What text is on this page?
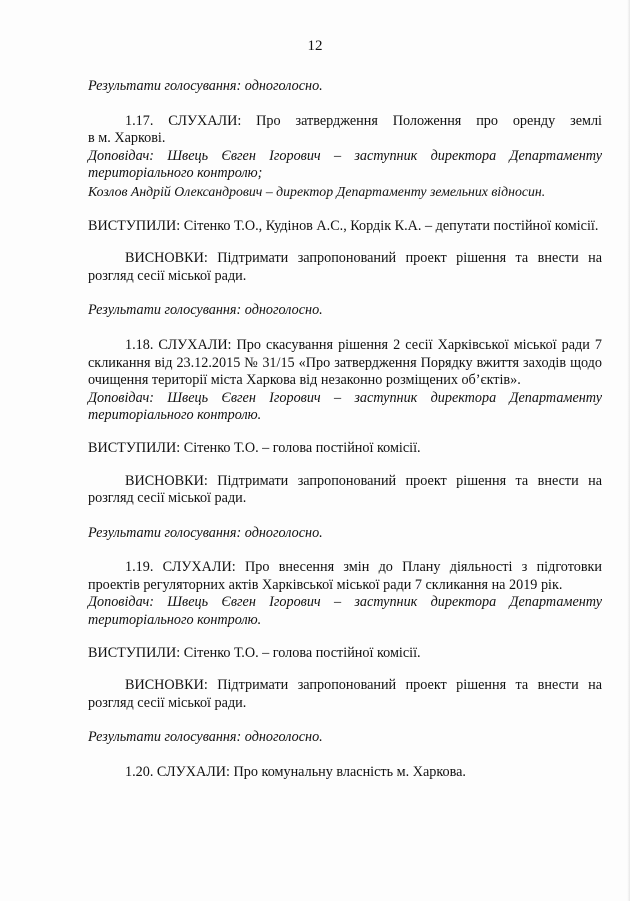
12

Результати голосування: одноголосно.

1.17. СЛУХАЛИ: Про затвердження Положення про оренду землі

в м. Харкові.

Доповідач: Швець Євген Ігорович – заступник директора Департаменту територіального контролю;

Козлов Андрій Олександрович – директор Департаменту земельних відносин.

ВИСТУПИЛИ: Сітенко Т.О., Кудінов А.С., Кордік К.А. – депутати постійної комісії.

ВИСНОВКИ: Підтримати запропонований проект рішення та внести на розгляд сесії міської ради.

Результати голосування: одноголосно.

1.18. СЛУХАЛИ: Про скасування рішення 2 сесії Харківської міської ради 7 скликання від 23.12.2015 № 31/15 «Про затвердження Порядку вжиття заходів щодо очищення території міста Харкова від незаконно розміщених об’єктів».

Доповідач: Швець Євген Ігорович – заступник директора Департаменту територіального контролю.

ВИСТУПИЛИ: Сітенко Т.О. – голова постійної комісії.

ВИСНОВКИ: Підтримати запропонований проект рішення та внести на розгляд сесії міської ради.

Результати голосування: одноголосно.

1.19. СЛУХАЛИ: Про внесення змін до Плану діяльності з підготовки проектів регуляторних актів Харківської міської ради 7 скликання на 2019 рік.

Доповідач: Швець Євген Ігорович – заступник директора Департаменту територіального контролю.

ВИСТУПИЛИ: Сітенко Т.О. – голова постійної комісії.

ВИСНОВКИ: Підтримати запропонований проект рішення та внести на розгляд сесії міської ради.

Результати голосування: одноголосно.

1.20. СЛУХАЛИ: Про комунальну власність м. Харкова.
